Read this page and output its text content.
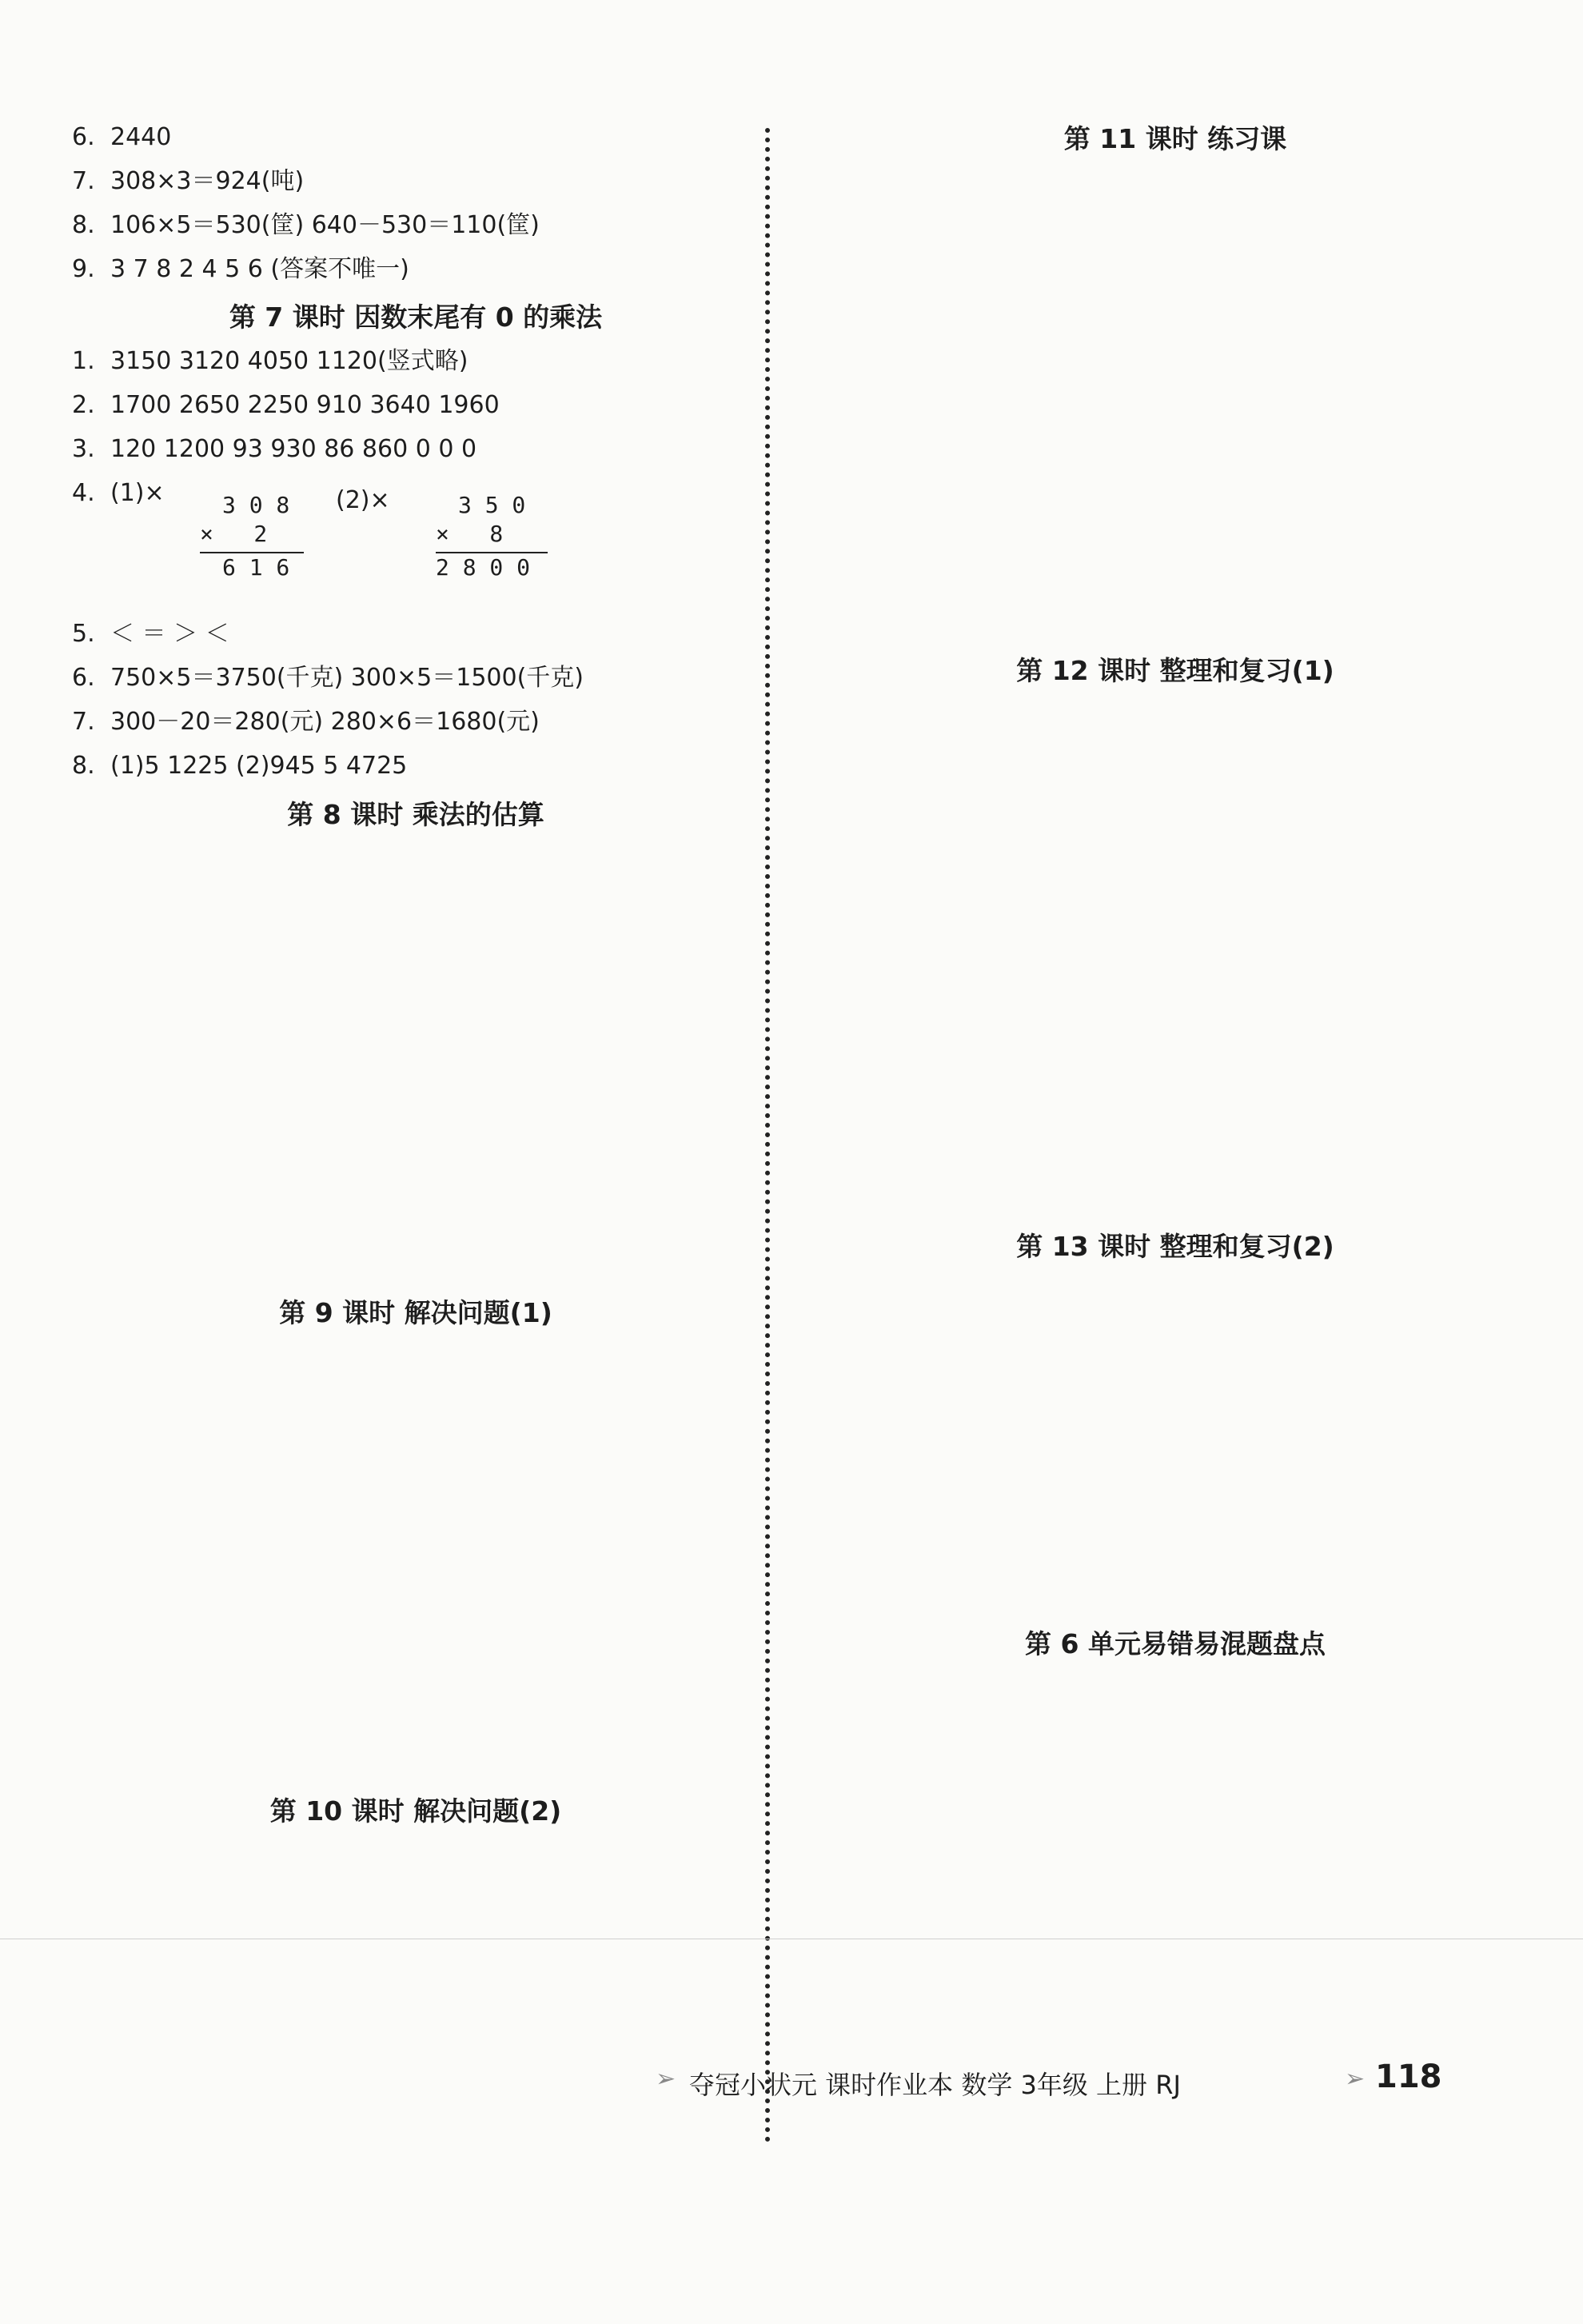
6. 2440
7. 308×3＝924(吨)
8. 106×5＝530(筐) 640－530＝110(筐)
9. 3 7 8 2 4 5 6 (答案不唯一)
第 7 课时 因数末尾有 0 的乘法
1. 3150 3120 4050 1120(竖式略)
2. 1700 2650 2250 910 3640 1960
3. 120 1200 93 930 86 860 0 0 0
4. (1)×
5. ＜ ＝ ＞ ＜
6. 750×5＝3750(千克) 300×5＝1500(千克)
7. 300－20＝280(元) 280×6＝1680(元)
8. (1)5 1225 (2)945 5 4725
3 0 8
×   2
6 1 6
(2)×	3 5 0
×   8
2 8 0 0
第 8 课时 乘法的估算
第 9 课时 解决问题(1)
第 10 课时 解决问题(2)
第 11 课时 练习课
第 12 课时 整理和复习(1)
第 13 课时 整理和复习(2)
第 6 单元易错易混题盘点
➢ 夺冠小状元 课时作业本 数学 3年级 上册 RJ	➢ 118
